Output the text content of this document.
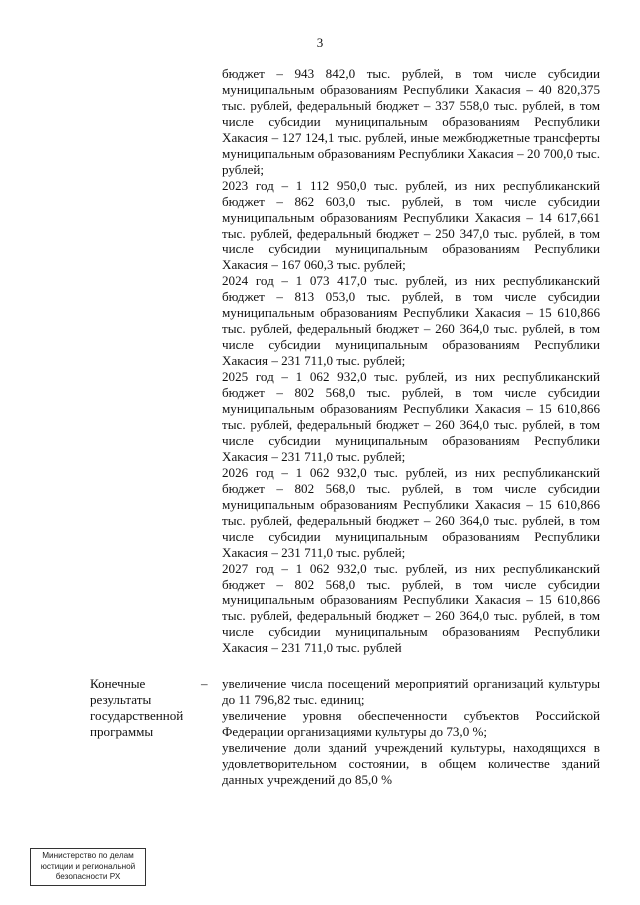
3

бюджет – 943 842,0 тыс. рублей, в том числе субсидии муниципальным образованиям Республики Хакасия – 40 820,375 тыс. рублей, федеральный бюджет – 337 558,0 тыс. рублей, в том числе субсидии муниципальным образованиям Республики Хакасия – 127 124,1 тыс. рублей, иные межбюджетные трансферты муниципальным образованиям Республики Хакасия – 20 700,0 тыс. рублей;

2023 год – 1 112 950,0 тыс. рублей, из них республиканский бюджет – 862 603,0 тыс. рублей, в том числе субсидии муниципальным образованиям Республики Хакасия – 14 617,661 тыс. рублей, федеральный бюджет – 250 347,0 тыс. рублей, в том числе субсидии муниципальным образованиям Республики Хакасия – 167 060,3 тыс. рублей;

2024 год – 1 073 417,0 тыс. рублей, из них республиканский бюджет – 813 053,0 тыс. рублей, в том числе субсидии муниципальным образованиям Республики Хакасия – 15 610,866 тыс. рублей, федеральный бюджет – 260 364,0 тыс. рублей, в том числе субсидии муниципальным образованиям Республики Хакасия – 231 711,0 тыс. рублей;

2025 год – 1 062 932,0 тыс. рублей, из них республиканский бюджет – 802 568,0 тыс. рублей, в том числе субсидии муниципальным образованиям Республики Хакасия – 15 610,866 тыс. рублей, федеральный бюджет – 260 364,0 тыс. рублей, в том числе субсидии муниципальным образованиям Республики Хакасия – 231 711,0 тыс. рублей;

2026 год – 1 062 932,0 тыс. рублей, из них республиканский бюджет – 802 568,0 тыс. рублей, в том числе субсидии муниципальным образованиям Республики Хакасия – 15 610,866 тыс. рублей, федеральный бюджет – 260 364,0 тыс. рублей, в том числе субсидии муниципальным образованиям Республики Хакасия – 231 711,0 тыс. рублей;

2027 год – 1 062 932,0 тыс. рублей, из них республиканский бюджет – 802 568,0 тыс. рублей, в том числе субсидии муниципальным образованиям Республики Хакасия – 15 610,866 тыс. рублей, федеральный бюджет – 260 364,0 тыс. рублей, в том числе субсидии муниципальным образованиям Республики Хакасия – 231 711,0 тыс. рублей

Конечные результаты государственной программы
– увеличение числа посещений мероприятий организаций культуры до 11 796,82 тыс. единиц;

увеличение уровня обеспеченности субъектов Российской Федерации организациями культуры до 73,0 %;

увеличение доли зданий учреждений культуры, находящихся в удовлетворительном состоянии, в общем количестве зданий данных учреждений до 85,0 %

Министерство по делам
юстиции и региональной
безопасности РХ
